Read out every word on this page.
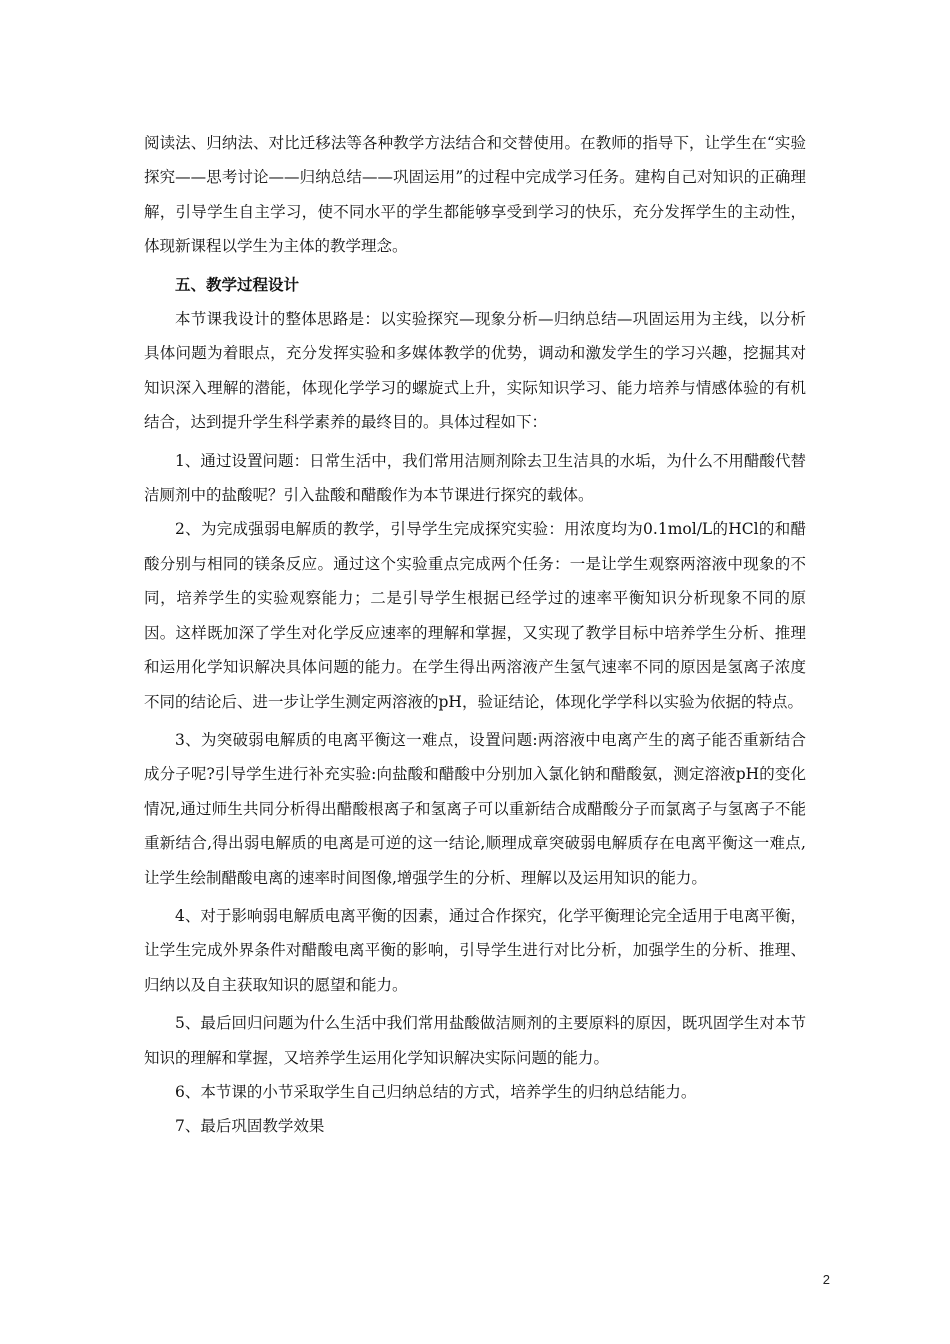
阅读法、归纳法、对比迁移法等各种教学方法结合和交替使用。在教师的指导下，让学生在“实验探究——思考讨论——归纳总结——巩固运用”的过程中完成学习任务。建构自己对知识的正确理解，引导学生自主学习，使不同水平的学生都能够享受到学习的快乐，充分发挥学生的主动性，体现新课程以学生为主体的教学理念。

五、教学过程设计

本节课我设计的整体思路是：以实验探究—现象分析—归纳总结—巩固运用为主线，以分析具体问题为着眼点，充分发挥实验和多媒体教学的优势，调动和激发学生的学习兴趣，挖掘其对知识深入理解的潜能，体现化学学习的螺旋式上升，实际知识学习、能力培养与情感体验的有机结合，达到提升学生科学素养的最终目的。具体过程如下：

1、通过设置问题：日常生活中，我们常用洁厕剂除去卫生洁具的水垢，为什么不用醋酸代替洁厕剂中的盐酸呢？引入盐酸和醋酸作为本节课进行探究的载体。

2、为完成强弱电解质的教学，引导学生完成探究实验：用浓度均为0.1mol/L的HCl的和醋酸分别与相同的镁条反应。通过这个实验重点完成两个任务：一是让学生观察两溶液中现象的不同，培养学生的实验观察能力；二是引导学生根据已经学过的速率平衡知识分析现象不同的原因。这样既加深了学生对化学反应速率的理解和掌握，又实现了教学目标中培养学生分析、推理和运用化学知识解决具体问题的能力。在学生得出两溶液产生氢气速率不同的原因是氢离子浓度不同的结论后、进一步让学生测定两溶液的pH，验证结论，体现化学学科以实验为依据的特点。

3、为突破弱电解质的电离平衡这一难点，设置问题:两溶液中电离产生的离子能否重新结合成分子呢?引导学生进行补充实验:向盐酸和醋酸中分别加入氯化钠和醋酸氨，测定溶液pH的变化情况,通过师生共同分析得出醋酸根离子和氢离子可以重新结合成醋酸分子而氯离子与氢离子不能重新结合,得出弱电解质的电离是可逆的这一结论,顺理成章突破弱电解质存在电离平衡这一难点,让学生绘制醋酸电离的速率时间图像,增强学生的分析、理解以及运用知识的能力。

4、对于影响弱电解质电离平衡的因素，通过合作探究，化学平衡理论完全适用于电离平衡，让学生完成外界条件对醋酸电离平衡的影响，引导学生进行对比分析，加强学生的分析、推理、归纳以及自主获取知识的愿望和能力。

5、最后回归问题为什么生活中我们常用盐酸做洁厕剂的主要原料的原因，既巩固学生对本节知识的理解和掌握，又培养学生运用化学知识解决实际问题的能力。

6、本节课的小节采取学生自己归纳总结的方式，培养学生的归纳总结能力。

7、最后巩固教学效果

2
